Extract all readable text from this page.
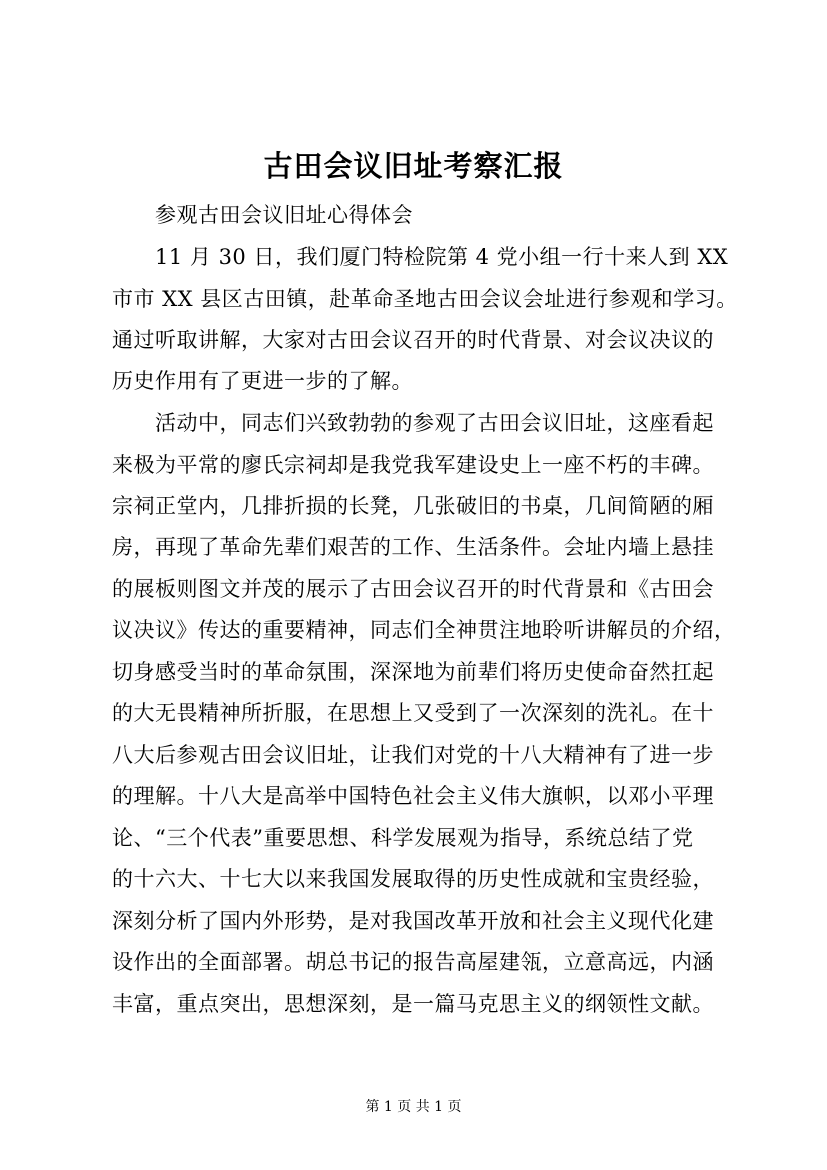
古田会议旧址考察汇报
参观古田会议旧址心得体会
11 月 30 日，我们厦门特检院第 4 党小组一行十来人到 XX
市市 XX 县区古田镇，赴革命圣地古田会议会址进行参观和学习。
通过听取讲解，大家对古田会议召开的时代背景、对会议决议的
历史作用有了更进一步的了解。
活动中，同志们兴致勃勃的参观了古田会议旧址，这座看起
来极为平常的廖氏宗祠却是我党我军建设史上一座不朽的丰碑。
宗祠正堂内，几排折损的长凳，几张破旧的书桌，几间简陋的厢
房，再现了革命先辈们艰苦的工作、生活条件。会址内墙上悬挂
的展板则图文并茂的展示了古田会议召开的时代背景和《古田会
议决议》传达的重要精神，同志们全神贯注地聆听讲解员的介绍，
切身感受当时的革命氛围，深深地为前辈们将历史使命奋然扛起
的大无畏精神所折服，在思想上又受到了一次深刻的洗礼。在十
八大后参观古田会议旧址，让我们对党的十八大精神有了进一步
的理解。十八大是高举中国特色社会主义伟大旗帜，以邓小平理
论、“三个代表”重要思想、科学发展观为指导，系统总结了党
的十六大、十七大以来我国发展取得的历史性成就和宝贵经验，
深刻分析了国内外形势，是对我国改革开放和社会主义现代化建
设作出的全面部署。胡总书记的报告高屋建瓴，立意高远，内涵
丰富，重点突出，思想深刻，是一篇马克思主义的纲领性文献。
第 1 页 共 1 页
